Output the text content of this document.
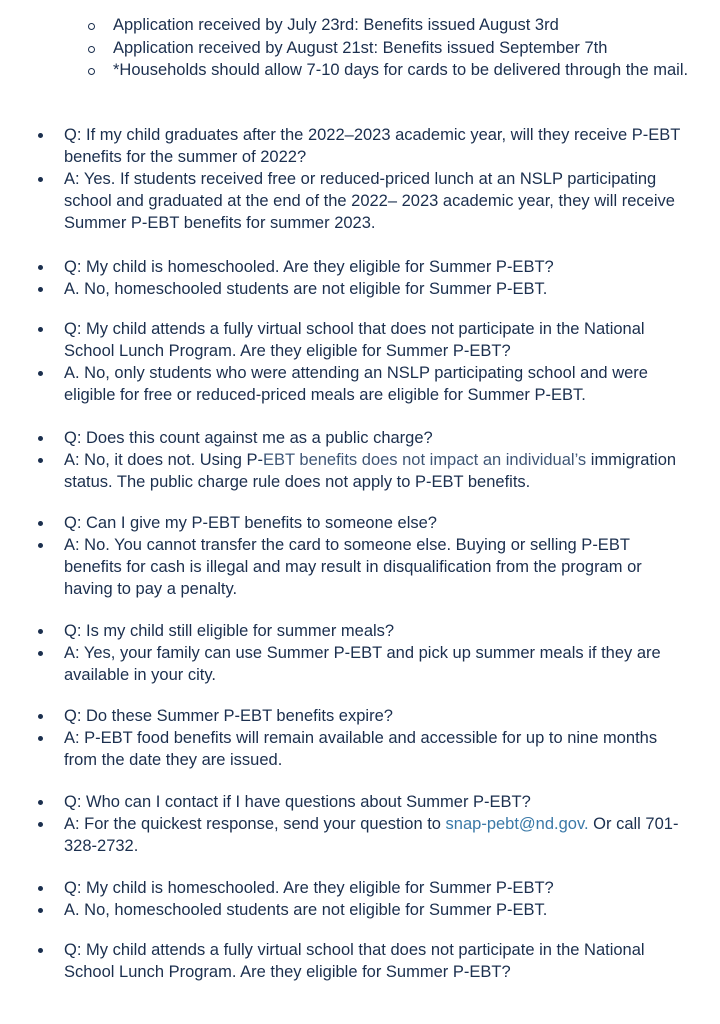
Application received by July 23rd: Benefits issued August 3rd
Application received by August 21st: Benefits issued September 7th
*Households should allow 7-10 days for cards to be delivered through the mail.
Q: If my child graduates after the 2022–2023 academic year, will they receive P-EBT benefits for the summer of 2022?
A: Yes. If students received free or reduced-priced lunch at an NSLP participating school and graduated at the end of the 2022– 2023 academic year, they will receive Summer P-EBT benefits for summer 2023.
Q: My child is homeschooled. Are they eligible for Summer P-EBT?
A. No, homeschooled students are not eligible for Summer P-EBT.
Q: My child attends a fully virtual school that does not participate in the National School Lunch Program. Are they eligible for Summer P-EBT?
A. No, only students who were attending an NSLP participating school and were eligible for free or reduced-priced meals are eligible for Summer P-EBT.
Q: Does this count against me as a public charge?
A: No, it does not. Using P-EBT benefits does not impact an individual’s immigration status. The public charge rule does not apply to P-EBT benefits.
Q: Can I give my P-EBT benefits to someone else?
A: No. You cannot transfer the card to someone else. Buying or selling P-EBT benefits for cash is illegal and may result in disqualification from the program or having to pay a penalty.
Q: Is my child still eligible for summer meals?
A: Yes, your family can use Summer P-EBT and pick up summer meals if they are available in your city.
Q: Do these Summer P-EBT benefits expire?
A: P-EBT food benefits will remain available and accessible for up to nine months from the date they are issued.
Q: Who can I contact if I have questions about Summer P-EBT?
A: For the quickest response, send your question to snap-pebt@nd.gov. Or call 701-328-2732.
Q: My child is homeschooled. Are they eligible for Summer P-EBT?
A. No, homeschooled students are not eligible for Summer P-EBT.
Q: My child attends a fully virtual school that does not participate in the National School Lunch Program. Are they eligible for Summer P-EBT?
